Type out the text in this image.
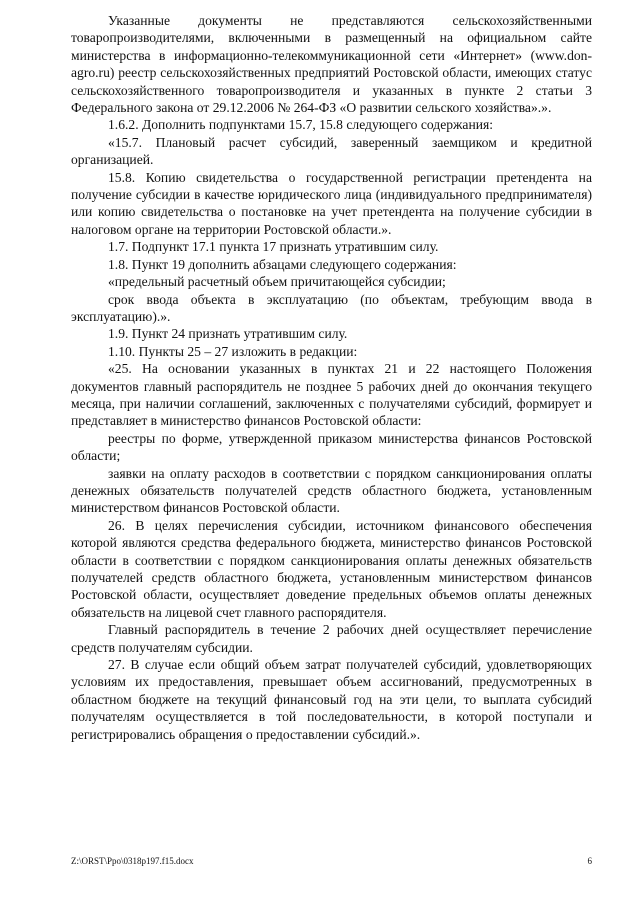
Указанные документы не представляются сельскохозяйственными товаропроизводителями, включенными в размещенный на официальном сайте министерства в информационно-телекоммуникационной сети «Интернет» (www.don-agro.ru) реестр сельскохозяйственных предприятий Ростовской области, имеющих статус сельскохозяйственного товаропроизводителя и указанных в пункте 2 статьи 3 Федерального закона от 29.12.2006 № 264-ФЗ «О развитии сельского хозяйства».».

1.6.2. Дополнить подпунктами 15.7, 15.8 следующего содержания:

«15.7. Плановый расчет субсидий, заверенный заемщиком и кредитной организацией.

15.8. Копию свидетельства о государственной регистрации претендента на получение субсидии в качестве юридического лица (индивидуального предпринимателя) или копию свидетельства о постановке на учет претендента на получение субсидии в налоговом органе на территории Ростовской области.».

1.7. Подпункт 17.1 пункта 17 признать утратившим силу.

1.8. Пункт 19 дополнить абзацами следующего содержания:

«предельный расчетный объем причитающейся субсидии;

срок ввода объекта в эксплуатацию (по объектам, требующим ввода в эксплуатацию).».

1.9. Пункт 24 признать утратившим силу.

1.10. Пункты 25 – 27 изложить в редакции:

«25. На основании указанных в пунктах 21 и 22 настоящего Положения документов главный распорядитель не позднее 5 рабочих дней до окончания текущего месяца, при наличии соглашений, заключенных с получателями субсидий, формирует и представляет в министерство финансов Ростовской области:

реестры по форме, утвержденной приказом министерства финансов Ростовской области;

заявки на оплату расходов в соответствии с порядком санкционирования оплаты денежных обязательств получателей средств областного бюджета, установленным министерством финансов Ростовской области.

26. В целях перечисления субсидии, источником финансового обеспечения которой являются средства федерального бюджета, министерство финансов Ростовской области в соответствии с порядком санкционирования оплаты денежных обязательств получателей средств областного бюджета, установленным министерством финансов Ростовской области, осуществляет доведение предельных объемов оплаты денежных обязательств на лицевой счет главного распорядителя.

Главный распорядитель в течение 2 рабочих дней осуществляет перечисление средств получателям субсидии.

27. В случае если общий объем затрат получателей субсидий, удовлетворяющих условиям их предоставления, превышает объем ассигнований, предусмотренных в областном бюджете на текущий финансовый год на эти цели, то выплата субсидий получателям осуществляется в той последовательности, в которой поступали и регистрировались обращения о предоставлении субсидий.».

Z:\ORST\Ppo\0318p197.f15.docx	6
